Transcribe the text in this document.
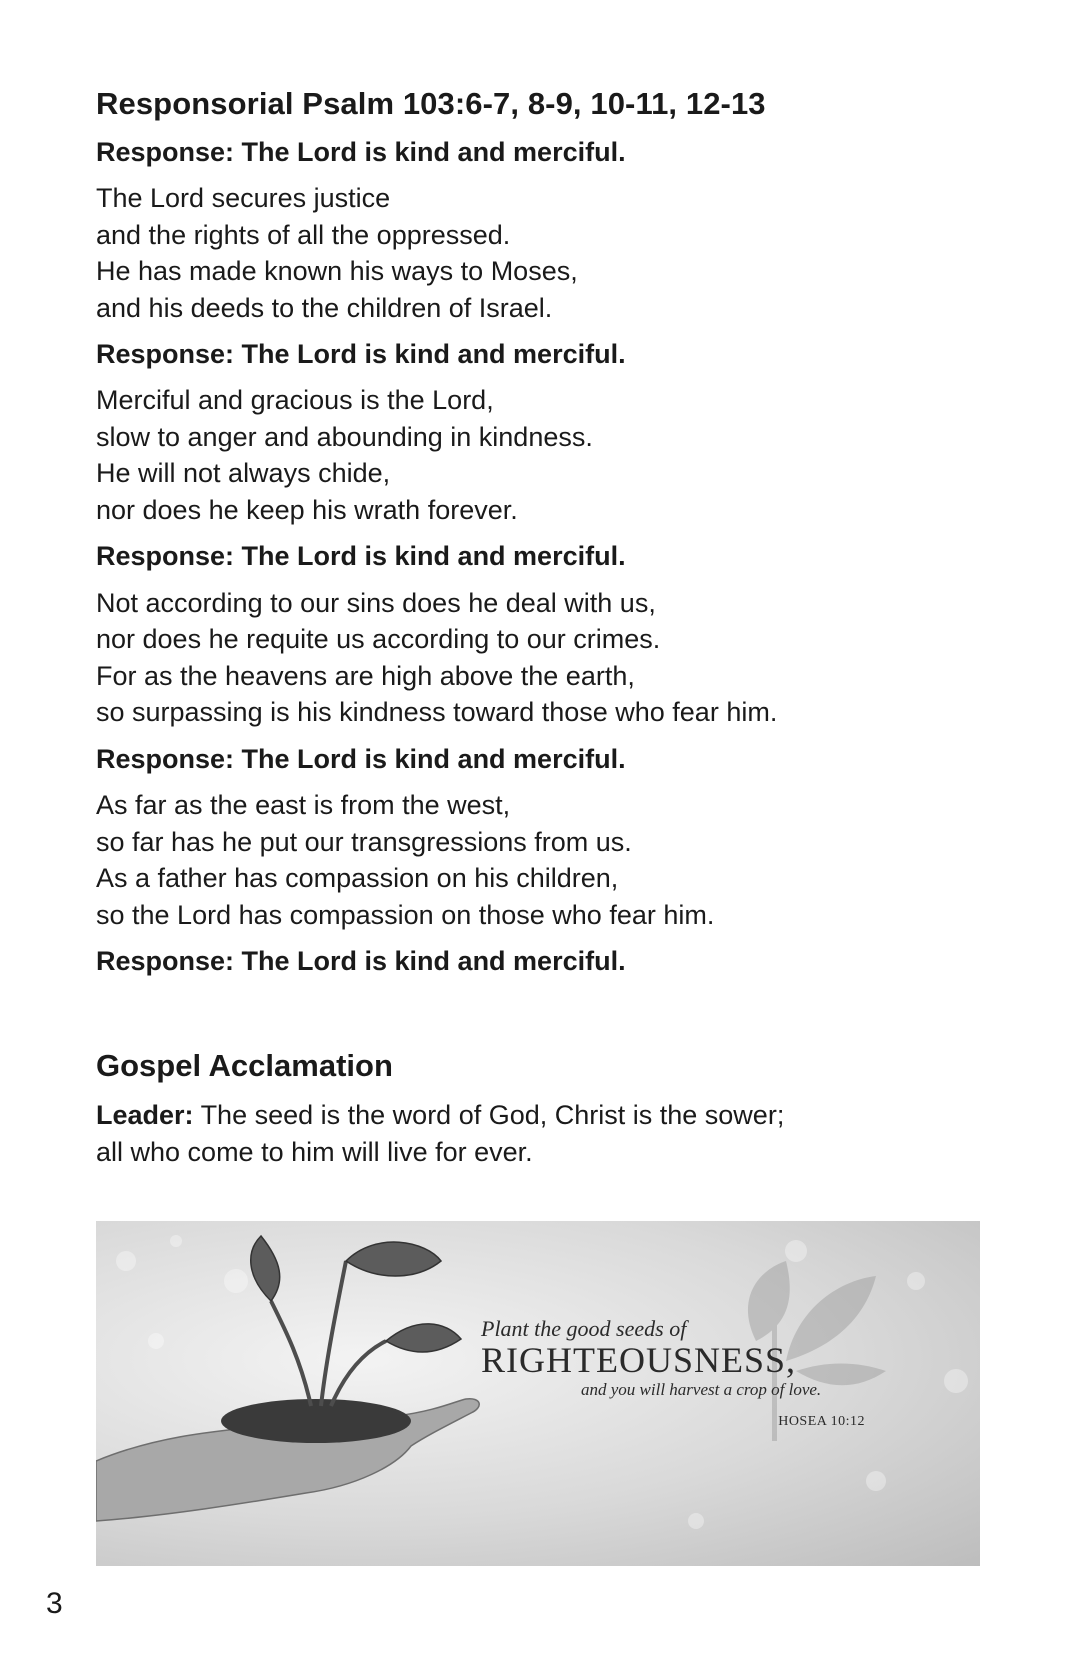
Responsorial Psalm 103:6-7, 8-9, 10-11, 12-13
Response: The Lord is kind and merciful.
The Lord secures justice
and the rights of all the oppressed.
He has made known his ways to Moses,
and his deeds to the children of Israel.
Response: The Lord is kind and merciful.
Merciful and gracious is the Lord,
slow to anger and abounding in kindness.
He will not always chide,
nor does he keep his wrath forever.
Response: The Lord is kind and merciful.
Not according to our sins does he deal with us,
nor does he requite us according to our crimes.
For as the heavens are high above the earth,
so surpassing is his kindness toward those who fear him.
Response: The Lord is kind and merciful.
As far as the east is from the west,
so far has he put our transgressions from us.
As a father has compassion on his children,
so the Lord has compassion on those who fear him.
Response: The Lord is kind and merciful.
Gospel Acclamation

Leader: The seed is the word of God, Christ is the sower;
all who come to him will live for ever.

Plant the good seeds of
RIGHTEOUSNESS,
and you will harvest a crop of love.
HOSEA 10:12
3
